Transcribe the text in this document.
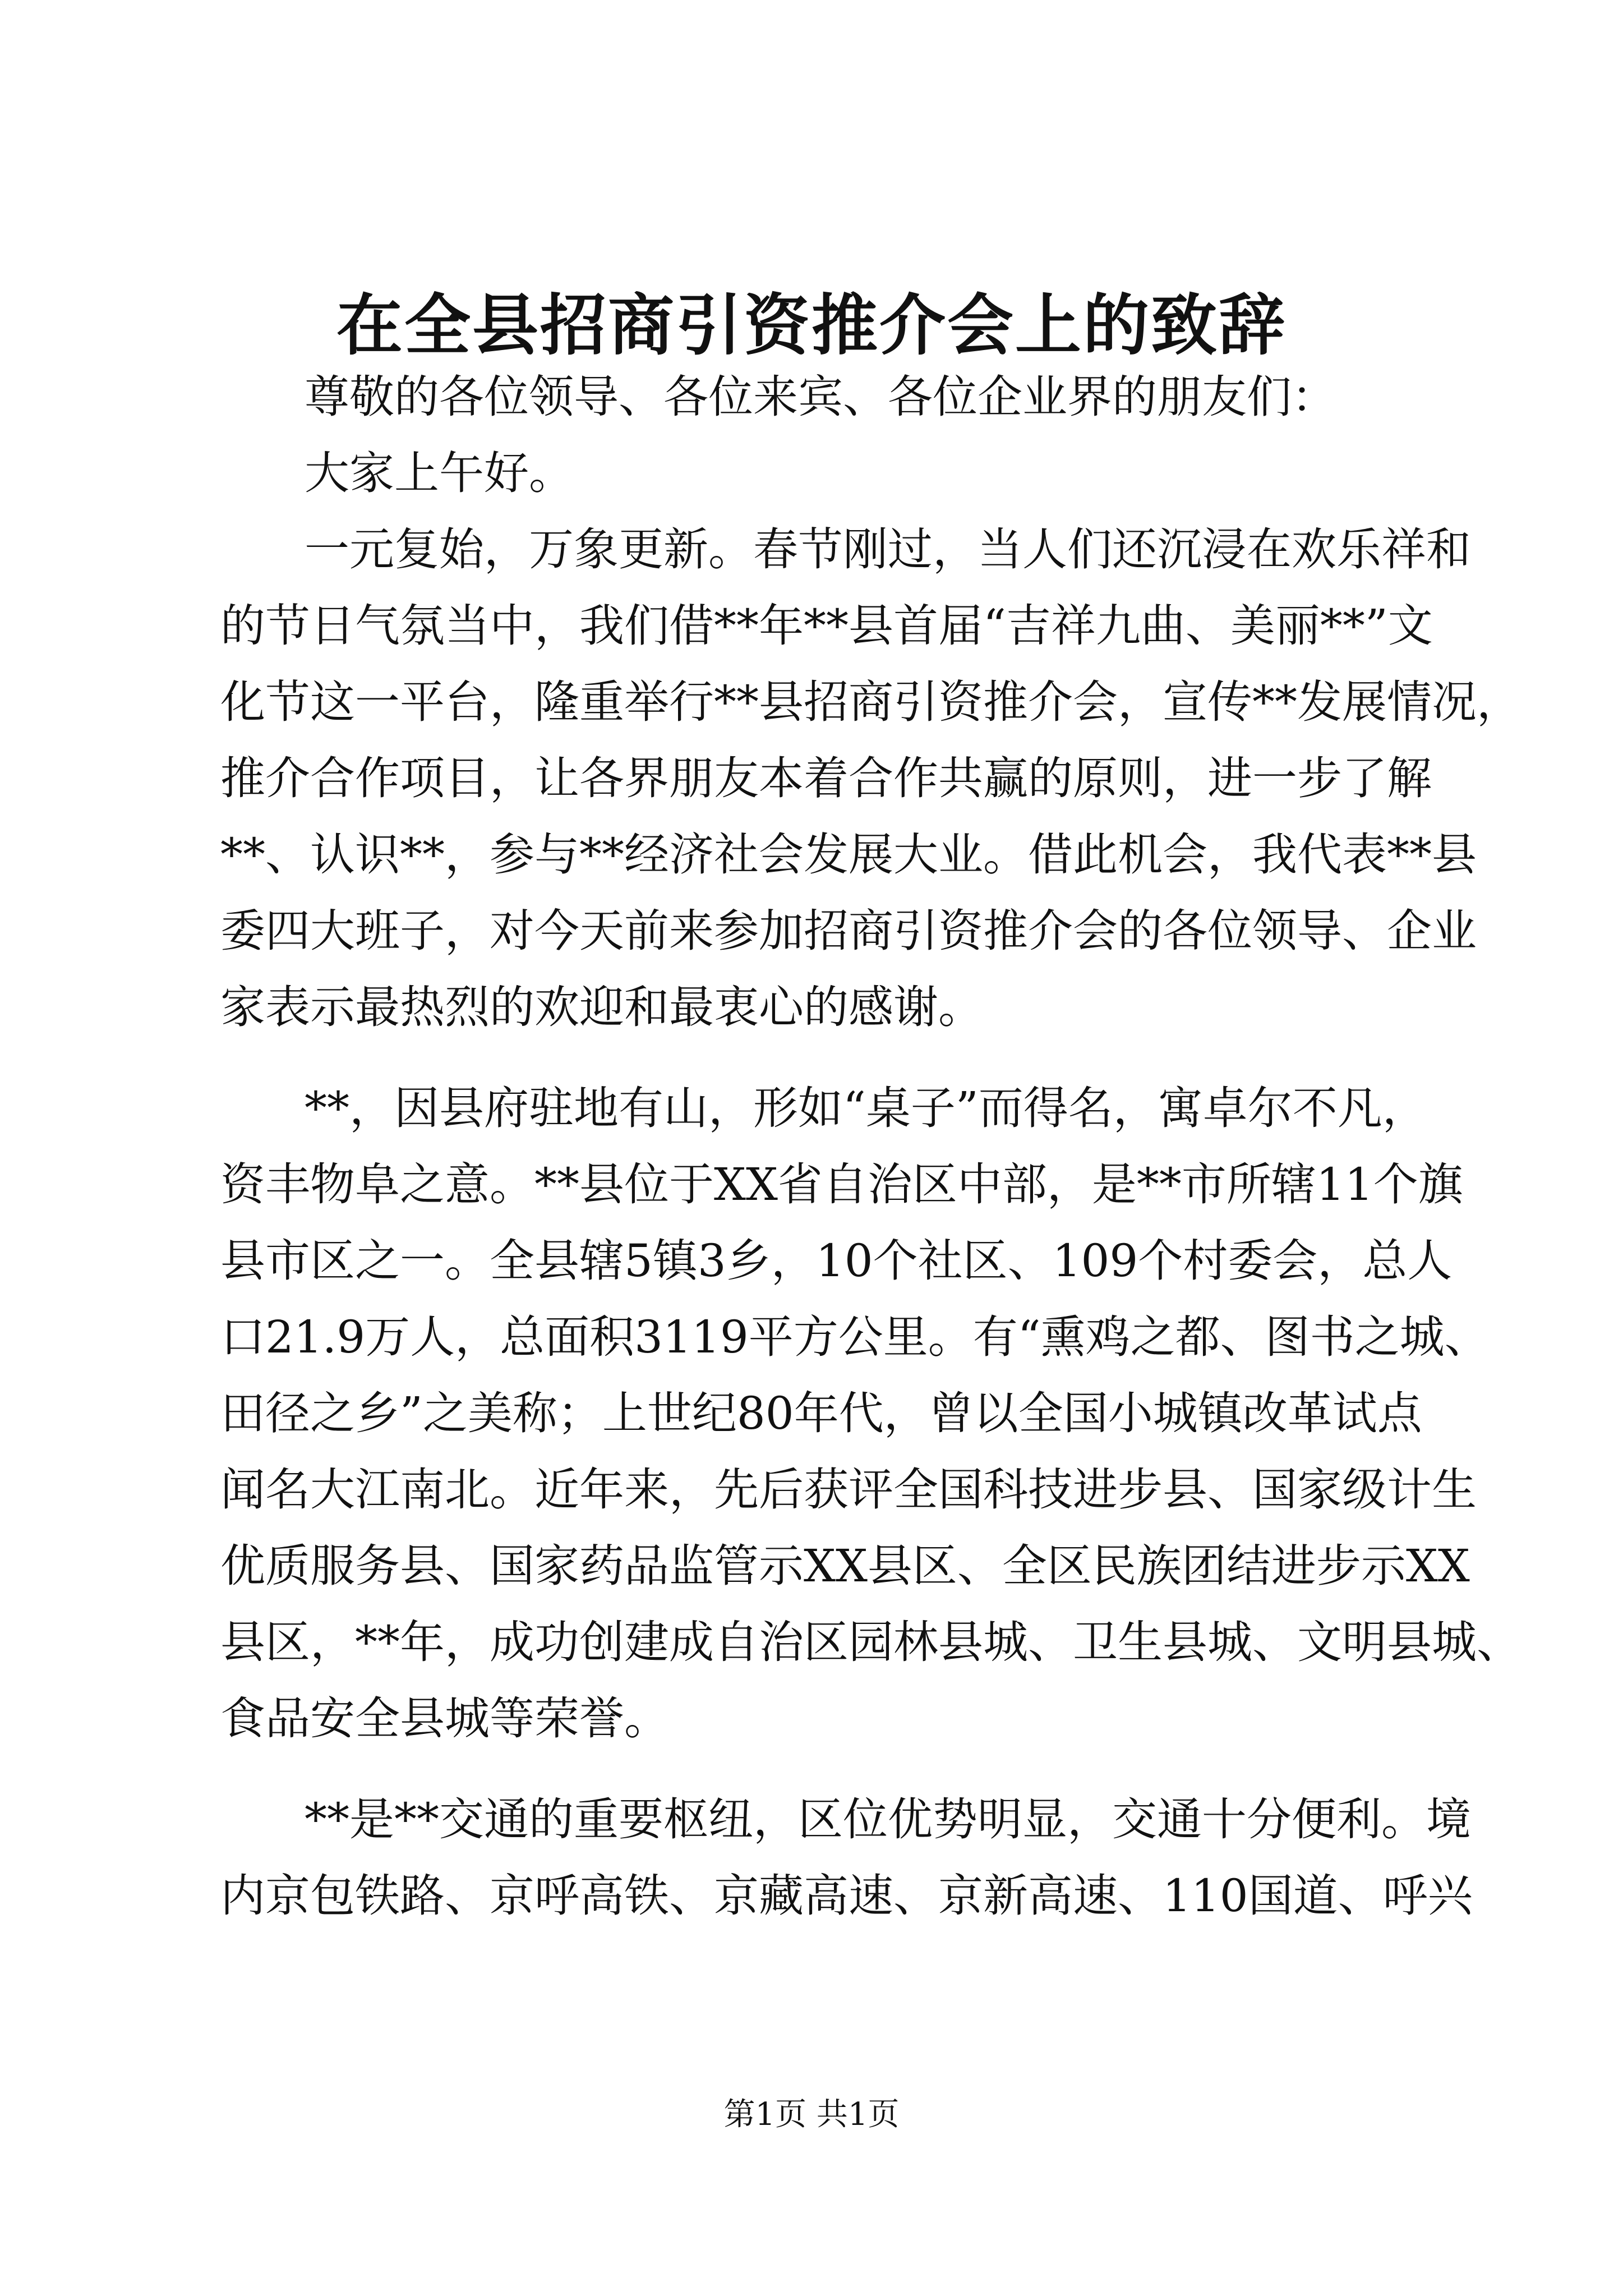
在全县招商引资推介会上的致辞
尊敬的各位领导、各位来宾、各位企业界的朋友们：
大家上午好。
一元复始，万象更新。春节刚过，当人们还沉浸在欢乐祥和
的节日气氛当中，我们借**年**县首届“吉祥九曲、美丽**”文
化节这一平台，隆重举行**县招商引资推介会，宣传**发展情况，
推介合作项目，让各界朋友本着合作共赢的原则，进一步了解
**、认识**，参与**经济社会发展大业。借此机会，我代表**县
委四大班子，对今天前来参加招商引资推介会的各位领导、企业
家表示最热烈的欢迎和最衷心的感谢。
**，因县府驻地有山，形如“桌子”而得名，寓卓尔不凡，
资丰物阜之意。**县位于XX省自治区中部，是**市所辖11个旗
县市区之一。全县辖5镇3乡，10个社区、109个村委会，总人
口21.9万人，总面积3119平方公里。有“熏鸡之都、图书之城、
田径之乡”之美称；上世纪80年代，曾以全国小城镇改革试点
闻名大江南北。近年来，先后获评全国科技进步县、国家级计生
优质服务县、国家药品监管示XX县区、全区民族团结进步示XX
县区，**年，成功创建成自治区园林县城、卫生县城、文明县城、
食品安全县城等荣誉。
**是**交通的重要枢纽，区位优势明显，交通十分便利。境
内京包铁路、京呼高铁、京藏高速、京新高速、110国道、呼兴
第1页 共1页
